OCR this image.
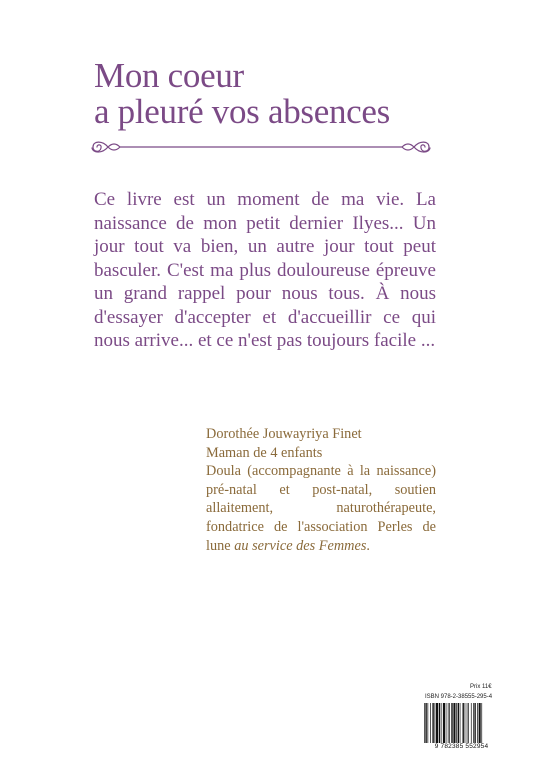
Mon coeur
a pleuré vos absences

Ce livre est un moment de ma vie. La naissance de mon petit dernier Ilyes... Un jour tout va bien, un autre jour tout peut basculer. C'est ma plus douloureuse épreuve un grand rappel pour nous tous. À nous d'essayer d'accepter et d'accueillir ce qui nous arrive... et ce n'est pas toujours facile ...

Dorothée Jouwayriya Finet
Maman de 4 enfants
Doula (accompagnante à la naissance) pré-natal et post-natal, soutien allaitement, naturothérapeute, fondatrice de l'association Perles de lune au service des Femmes.
Prix 11€
ISBN 978-2-38555-295-4
9 782385 552954
